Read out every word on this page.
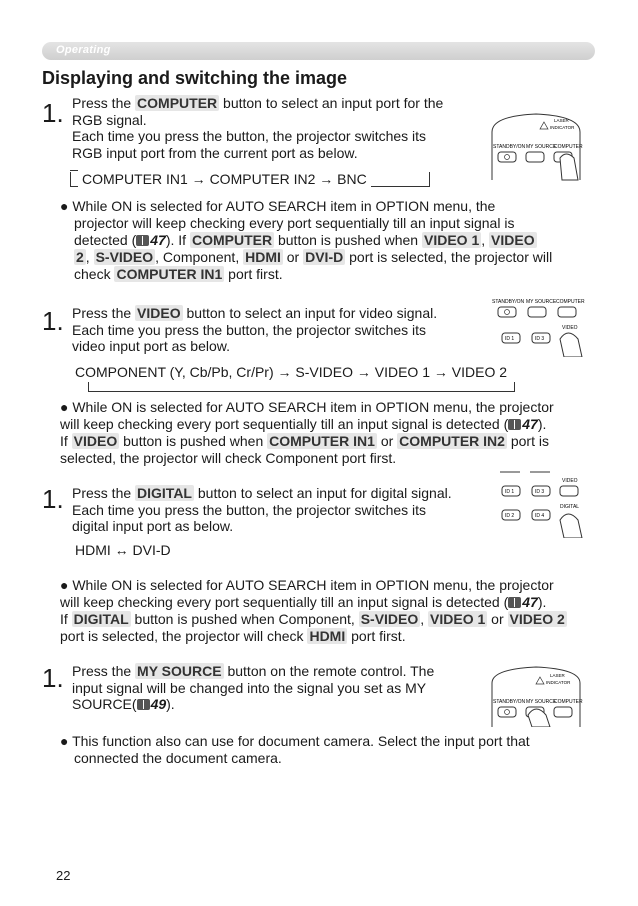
Operating
Displaying and switching the image
1. Press the COMPUTER button to select an input port for the
RGB signal.
Each time you press the button, the projector switches its
RGB input port from the current port as below.

LASER
INDICATOR
STANDBY/ON MY SOURCE
COMPUTER
COMPUTER IN1 → COMPUTER IN2 → BNC

● While ON is selected for AUTO SEARCH item in OPTION menu, the
projector will keep checking every port sequentially till an input signal is
detected ( 47). If COMPUTER button is pushed when VIDEO 1 , VIDEO
2 , S-VIDEO , Component, HDMI or DVI-D port is selected, the projector will
check COMPUTER IN1 port first.

1. Press the VIDEO button to select an input for video signal.
Each time you press the button, the projector switches its
video input port as below.

STANDBY/ON MY SOURCE COMPUTER
VIDEO
ID 1	ID 3
COMPONENT (Y, Cb/Pb, Cr/Pr) → S-VIDEO → VIDEO 1 → VIDEO 2

● While ON is selected for AUTO SEARCH item in OPTION menu, the projector
will keep checking every port sequentially till an input signal is detected ( 47).
If VIDEO button is pushed when COMPUTER IN1 or COMPUTER IN2 port is
selected, the projector will check Component port first.

1. Press the DIGITAL button to select an input for digital signal.
Each time you press the button, the projector switches its
digital input port as below.

VIDEO
ID 1	ID 3
DIGITAL
ID 2	ID 4
HDMI ↔ DVI-D

● While ON is selected for AUTO SEARCH item in OPTION menu, the projector
will keep checking every port sequentially till an input signal is detected ( 47).
If DIGITAL button is pushed when Component, S-VIDEO , VIDEO 1 or VIDEO 2
port is selected, the projector will check HDMI port first.

1. Press the MY SOURCE button on the remote control. The
input signal will be changed into the signal you set as MY
SOURCE( 49).

LASER
INDICATOR
STANDBY/ON MY SOURCE
COMPUTER

● This function also can use for document camera. Select the input port that
connected the document camera.

22
